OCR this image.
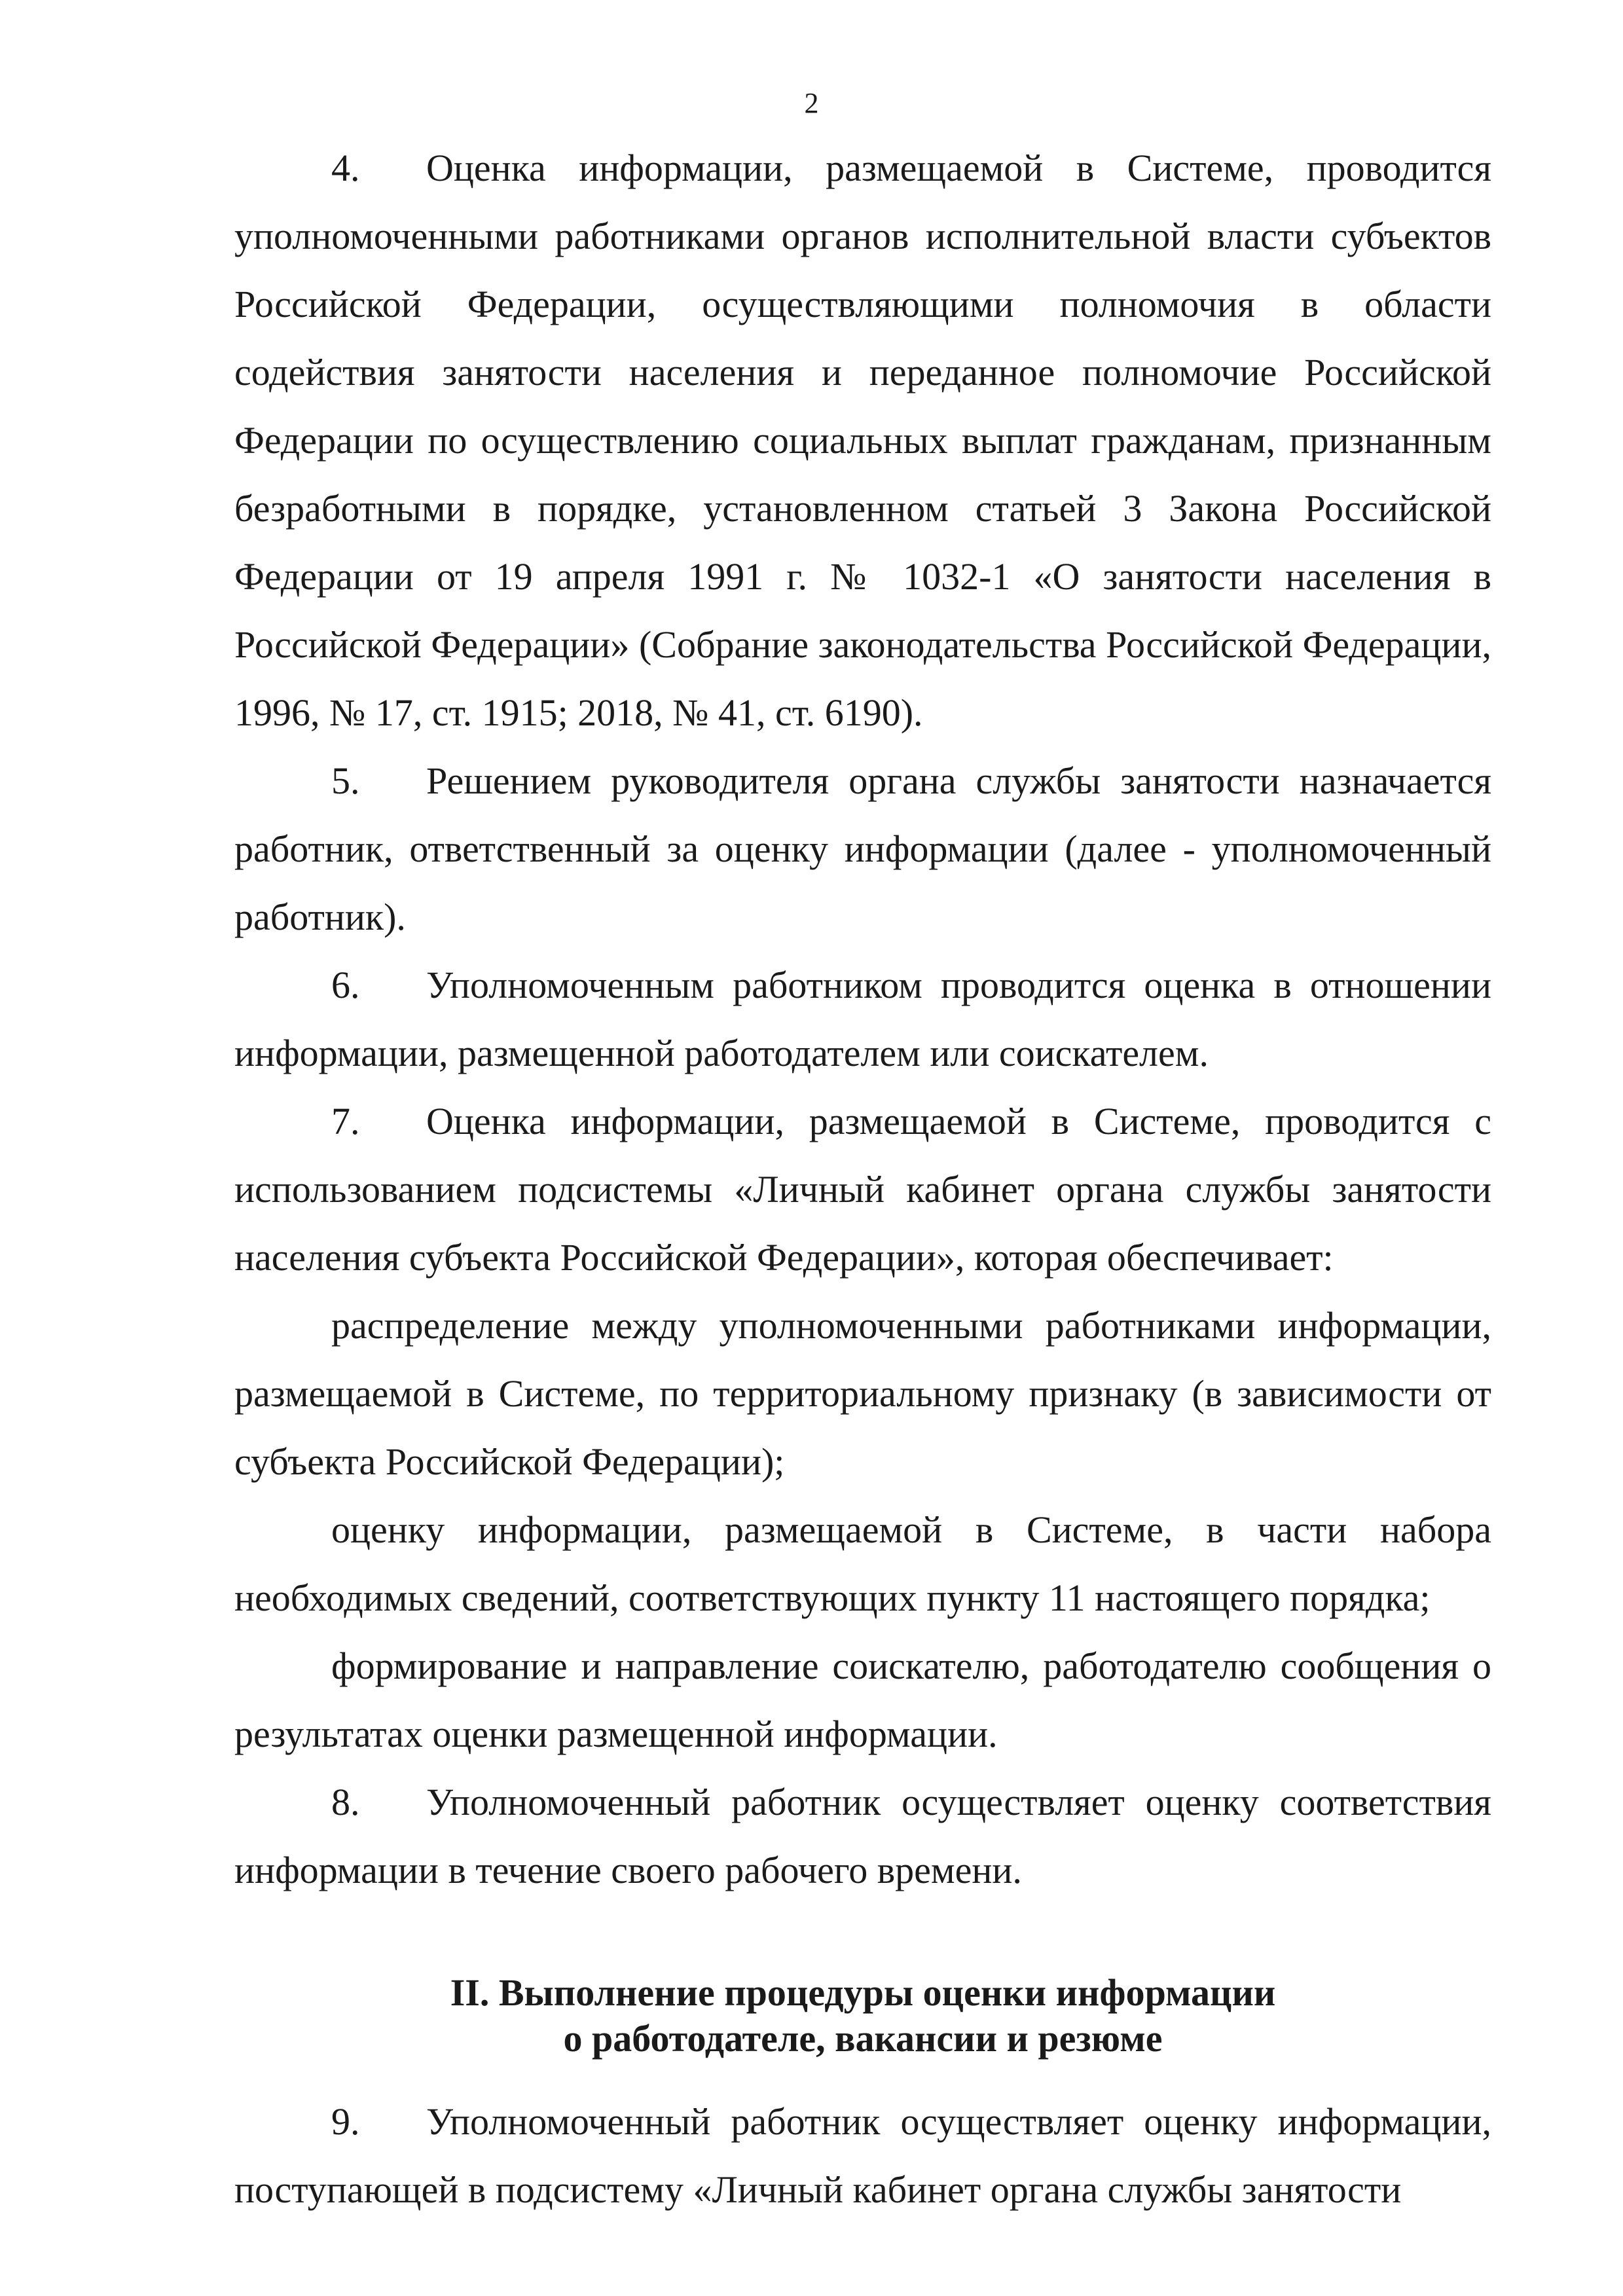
2

4. Оценка информации, размещаемой в Системе, проводится уполномоченными работниками органов исполнительной власти субъектов Российской Федерации, осуществляющими полномочия в области содействия занятости населения и переданное полномочие Российской Федерации по осуществлению социальных выплат гражданам, признанным безработными в порядке, установленном статьей 3 Закона Российской Федерации от 19 апреля 1991 г. № 1032-1 «О занятости населения в Российской Федерации» (Собрание законодательства Российской Федерации, 1996, № 17, ст. 1915; 2018, № 41, ст. 6190).

5. Решением руководителя органа службы занятости назначается работник, ответственный за оценку информации (далее - уполномоченный работник).

6. Уполномоченным работником проводится оценка в отношении информации, размещенной работодателем или соискателем.

7. Оценка информации, размещаемой в Системе, проводится с использованием подсистемы «Личный кабинет органа службы занятости населения субъекта Российской Федерации», которая обеспечивает:

распределение между уполномоченными работниками информации, размещаемой в Системе, по территориальному признаку (в зависимости от субъекта Российской Федерации);

оценку информации, размещаемой в Системе, в части набора необходимых сведений, соответствующих пункту 11 настоящего порядка;

формирование и направление соискателю, работодателю сообщения о результатах оценки размещенной информации.

8. Уполномоченный работник осуществляет оценку соответствия информации в течение своего рабочего времени.

II. Выполнение процедуры оценки информации
о работодателе, вакансии и резюме

9. Уполномоченный работник осуществляет оценку информации, поступающей в подсистему «Личный кабинет органа службы занятости
